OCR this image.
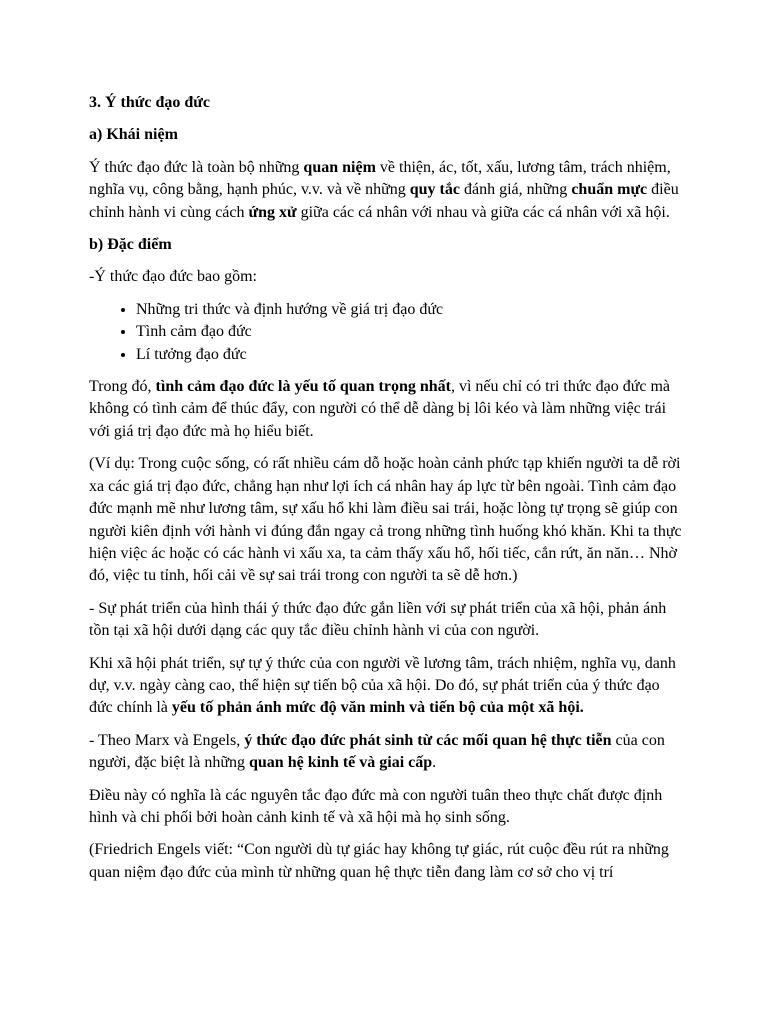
3. Ý thức đạo đức

a) Khái niệm

Ý thức đạo đức là toàn bộ những quan niệm về thiện, ác, tốt, xấu, lương tâm, trách nhiệm, nghĩa vụ, công bằng, hạnh phúc, v.v. và về những quy tắc đánh giá, những chuẩn mực điều chỉnh hành vi cùng cách ứng xử giữa các cá nhân với nhau và giữa các cá nhân với xã hội.

b) Đặc điểm

-Ý thức đạo đức bao gồm:

• Những tri thức và định hướng về giá trị đạo đức
• Tình cảm đạo đức
• Lí tưởng đạo đức

Trong đó, tình cảm đạo đức là yếu tố quan trọng nhất, vì nếu chỉ có tri thức đạo đức mà không có tình cảm để thúc đẩy, con người có thể dễ dàng bị lôi kéo và làm những việc trái với giá trị đạo đức mà họ hiểu biết.

(Ví dụ: Trong cuộc sống, có rất nhiều cám dỗ hoặc hoàn cảnh phức tạp khiến người ta dễ rời xa các giá trị đạo đức, chẳng hạn như lợi ích cá nhân hay áp lực từ bên ngoài. Tình cảm đạo đức mạnh mẽ như lương tâm, sự xấu hổ khi làm điều sai trái, hoặc lòng tự trọng sẽ giúp con người kiên định với hành vi đúng đắn ngay cả trong những tình huống khó khăn. Khi ta thực hiện việc ác hoặc có các hành vi xấu xa, ta cảm thấy xấu hổ, hối tiếc, cắn rứt, ăn năn… Nhờ đó, việc tu tỉnh, hối cải về sự sai trái trong con người ta sẽ dễ hơn.)

- Sự phát triển của hình thái ý thức đạo đức gắn liền với sự phát triển của xã hội, phản ánh tồn tại xã hội dưới dạng các quy tắc điều chỉnh hành vi của con người.

Khi xã hội phát triển, sự tự ý thức của con người về lương tâm, trách nhiệm, nghĩa vụ, danh dự, v.v. ngày càng cao, thể hiện sự tiến bộ của xã hội. Do đó, sự phát triển của ý thức đạo đức chính là yếu tố phản ánh mức độ văn minh và tiến bộ của một xã hội.

- Theo Marx và Engels, ý thức đạo đức phát sinh từ các mối quan hệ thực tiễn của con người, đặc biệt là những quan hệ kinh tế và giai cấp.

Điều này có nghĩa là các nguyên tắc đạo đức mà con người tuân theo thực chất được định hình và chi phối bởi hoàn cảnh kinh tế và xã hội mà họ sinh sống.

(Friedrich Engels viết: “Con người dù tự giác hay không tự giác, rút cuộc đều rút ra những quan niệm đạo đức của mình từ những quan hệ thực tiễn đang làm cơ sở cho vị trí
